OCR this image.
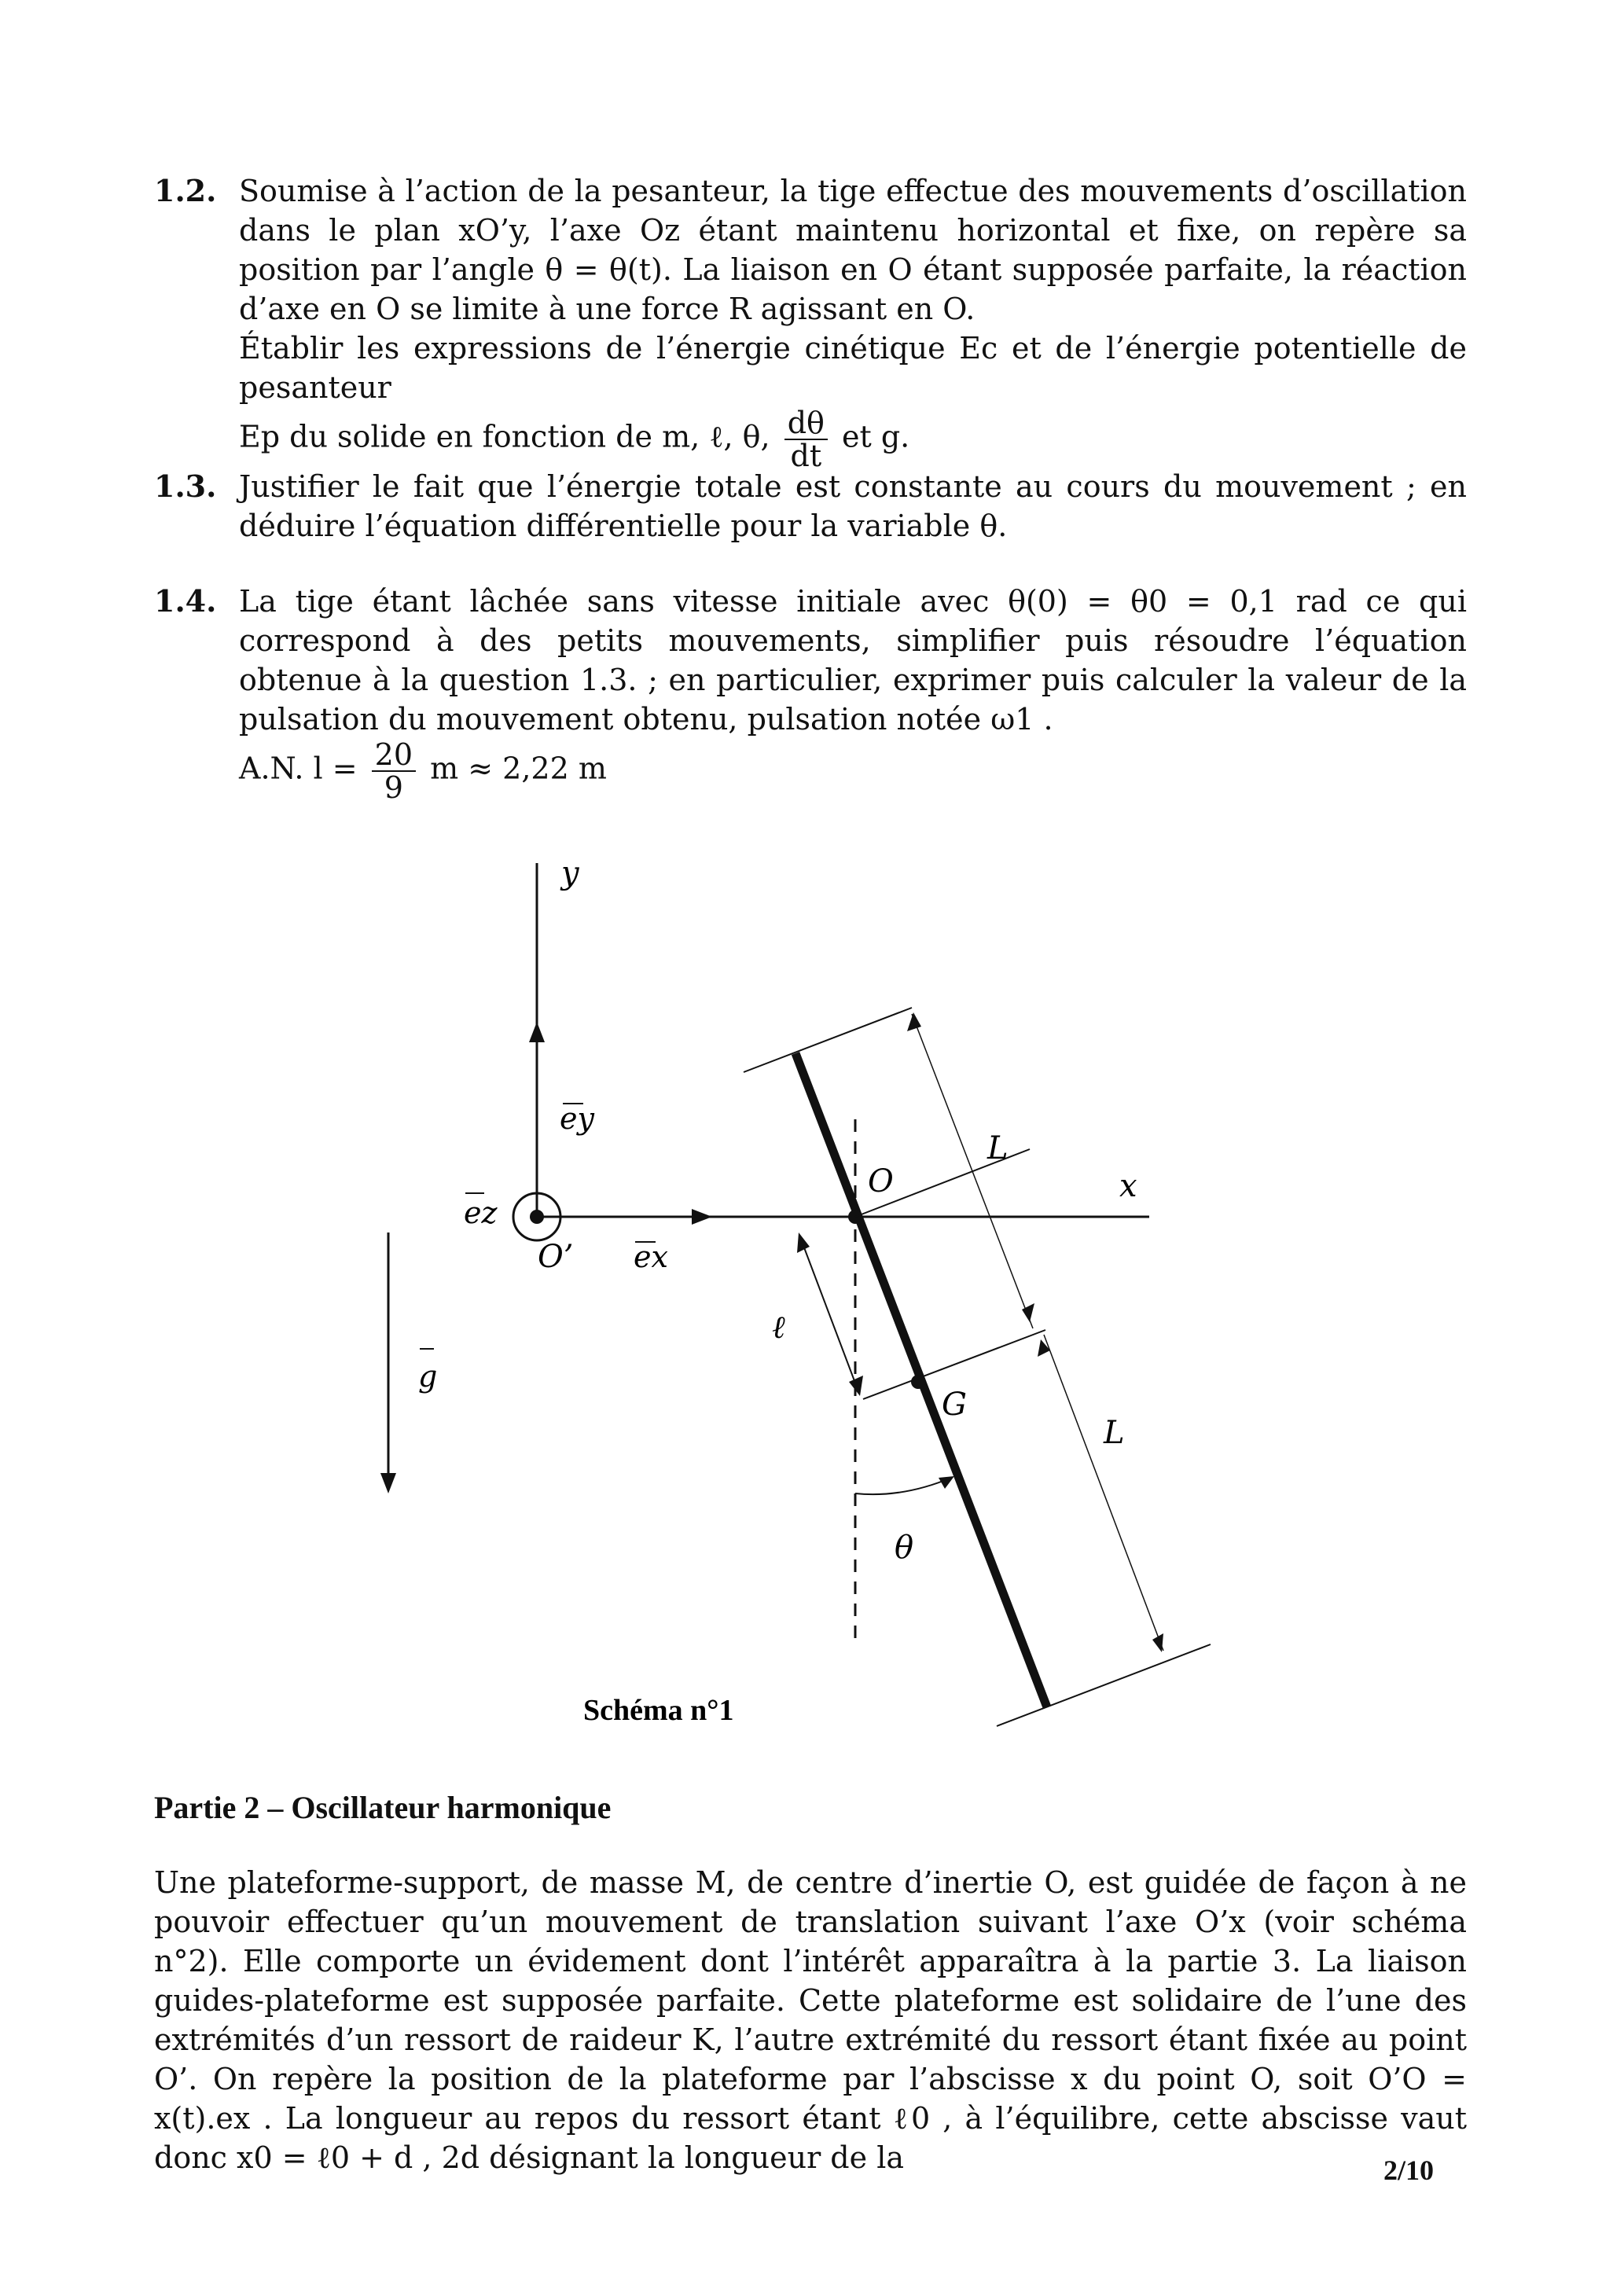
1.2. Soumise à l’action de la pesanteur, la tige effectue des mouvements d’oscillation dans le plan xO’y, l’axe Oz étant maintenu horizontal et fixe, on repère sa position par l’angle θ = θ(t). La liaison en O étant supposée parfaite, la réaction d’axe en O se limite à une force R agissant en O.

Établir les expressions de l’énergie cinétique Ec et de l’énergie potentielle de pesanteur

Ep du solide en fonction de m, ℓ, θ, $\frac{d\theta}{dt}$ et g.

1.3. Justifier le fait que l’énergie totale est constante au cours du mouvement ; en déduire l’équation différentielle pour la variable θ.

1.4. La tige étant lâchée sans vitesse initiale avec θ(0) = θ0 = 0,1 rad ce qui correspond à des petits mouvements, simplifier puis résoudre l’équation obtenue à la question 1.3. ; en particulier, exprimer puis calculer la valeur de la pulsation du mouvement obtenu, pulsation notée ω1 .

A.N. $l = \frac{20}{9}$ m ≈ 2,22 m

y
ey
x
ex
ez
O’
g
O
G
L
L
ℓ
θ
Schéma n°1
Partie 2 – Oscillateur harmonique

Une plateforme-support, de masse M, de centre d’inertie O, est guidée de façon à ne pouvoir effectuer qu’un mouvement de translation suivant l’axe O’x (voir schéma n°2). Elle comporte un évidement dont l’intérêt apparaîtra à la partie 3. La liaison guides-plateforme est supposée parfaite. Cette plateforme est solidaire de l’une des extrémités d’un ressort de raideur K, l’autre extrémité du ressort étant fixée au point O’. On repère la position de la plateforme par l’abscisse x du point O, soit O’O = x(t).ex . La longueur au repos du ressort étant ℓ0 , à l’équilibre, cette abscisse vaut donc x0 = ℓ0 + d , 2d désignant la longueur de la	2/10
